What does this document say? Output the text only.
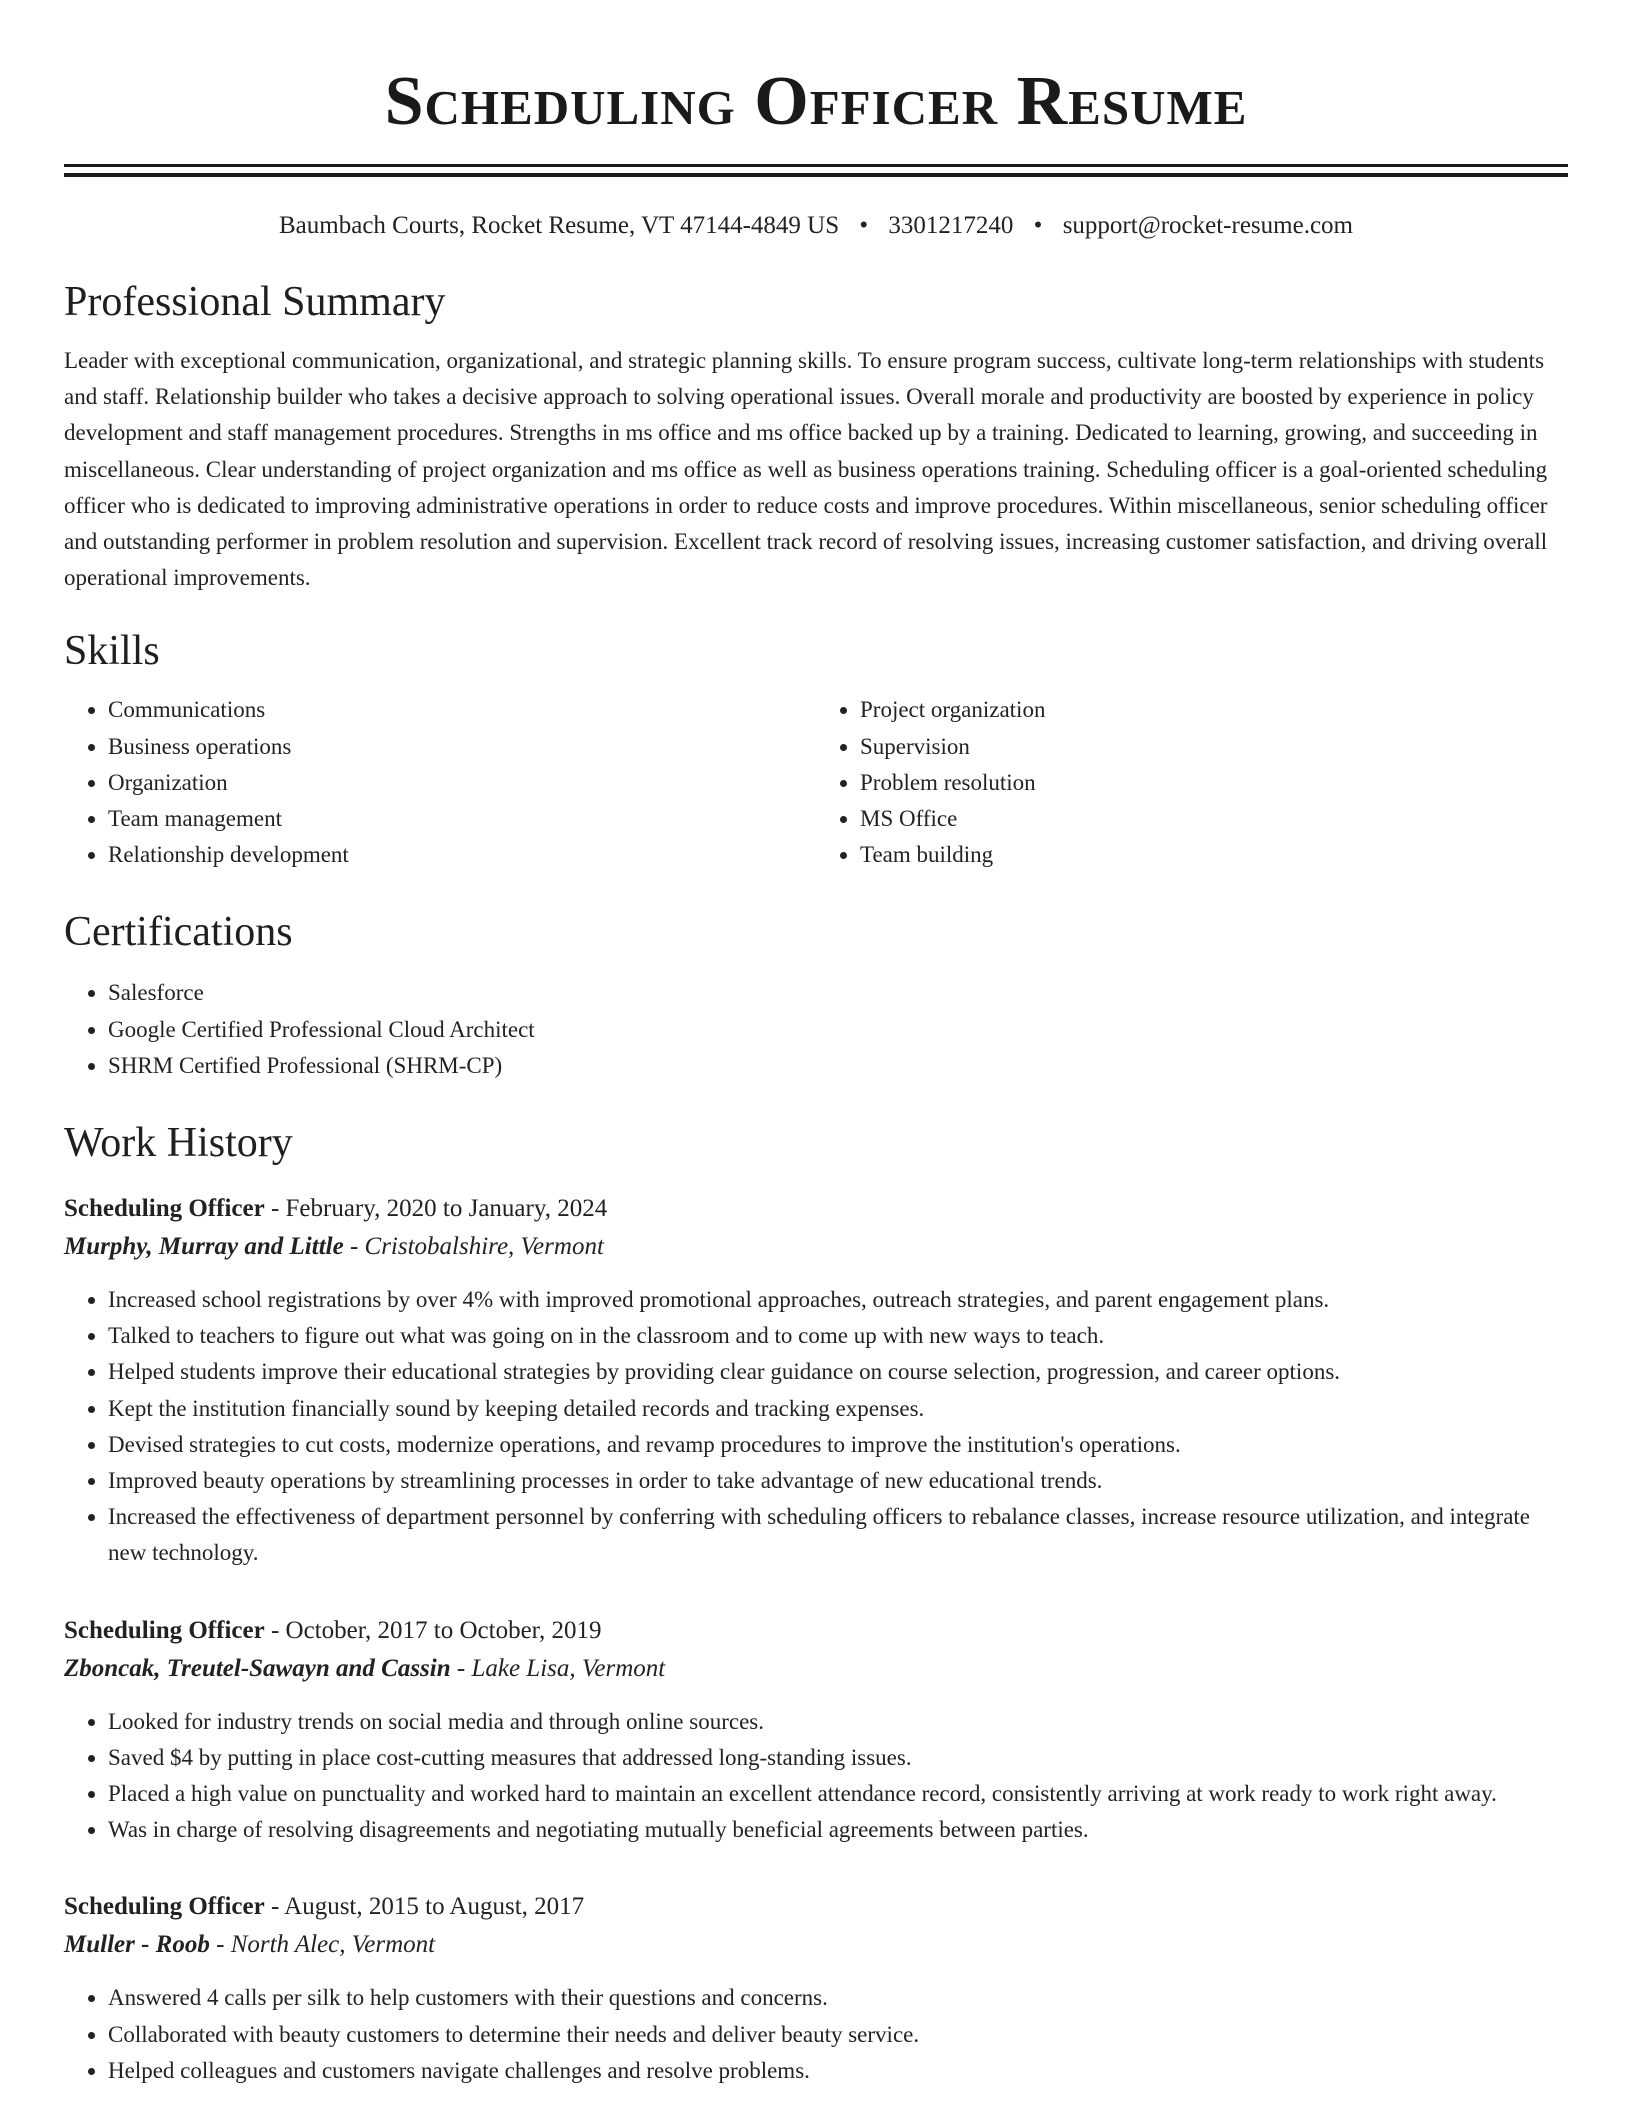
Scheduling Officer Resume
Baumbach Courts, Rocket Resume, VT 47144-4849 US • 3301217240 • support@rocket-resume.com
Professional Summary

Leader with exceptional communication, organizational, and strategic planning skills. To ensure program success, cultivate long-term relationships with students and staff. Relationship builder who takes a decisive approach to solving operational issues. Overall morale and productivity are boosted by experience in policy development and staff management procedures. Strengths in ms office and ms office backed up by a training. Dedicated to learning, growing, and succeeding in miscellaneous. Clear understanding of project organization and ms office as well as business operations training. Scheduling officer is a goal-oriented scheduling officer who is dedicated to improving administrative operations in order to reduce costs and improve procedures. Within miscellaneous, senior scheduling officer and outstanding performer in problem resolution and supervision. Excellent track record of resolving issues, increasing customer satisfaction, and driving overall operational improvements.

Skills
• Communications
• Business operations
• Organization
• Team management
• Relationship development
• Project organization
• Supervision
• Problem resolution
• MS Office
• Team building
Certifications
• Salesforce
• Google Certified Professional Cloud Architect
• SHRM Certified Professional (SHRM-CP)
Work History
Scheduling Officer - February, 2020 to January, 2024
Murphy, Murray and Little - Cristobalshire, Vermont
• Increased school registrations by over 4% with improved promotional approaches, outreach strategies, and parent engagement plans.
• Talked to teachers to figure out what was going on in the classroom and to come up with new ways to teach.
• Helped students improve their educational strategies by providing clear guidance on course selection, progression, and career options.
• Kept the institution financially sound by keeping detailed records and tracking expenses.
• Devised strategies to cut costs, modernize operations, and revamp procedures to improve the institution's operations.
• Improved beauty operations by streamlining processes in order to take advantage of new educational trends.
• Increased the effectiveness of department personnel by conferring with scheduling officers to rebalance classes, increase resource utilization, and integrate new technology.
Scheduling Officer - October, 2017 to October, 2019
Zboncak, Treutel-Sawayn and Cassin - Lake Lisa, Vermont
• Looked for industry trends on social media and through online sources.
• Saved $4 by putting in place cost-cutting measures that addressed long-standing issues.
• Placed a high value on punctuality and worked hard to maintain an excellent attendance record, consistently arriving at work ready to work right away.
• Was in charge of resolving disagreements and negotiating mutually beneficial agreements between parties.
Scheduling Officer - August, 2015 to August, 2017
Muller - Roob - North Alec, Vermont
• Answered 4 calls per silk to help customers with their questions and concerns.
• Collaborated with beauty customers to determine their needs and deliver beauty service.
• Helped colleagues and customers navigate challenges and resolve problems.
